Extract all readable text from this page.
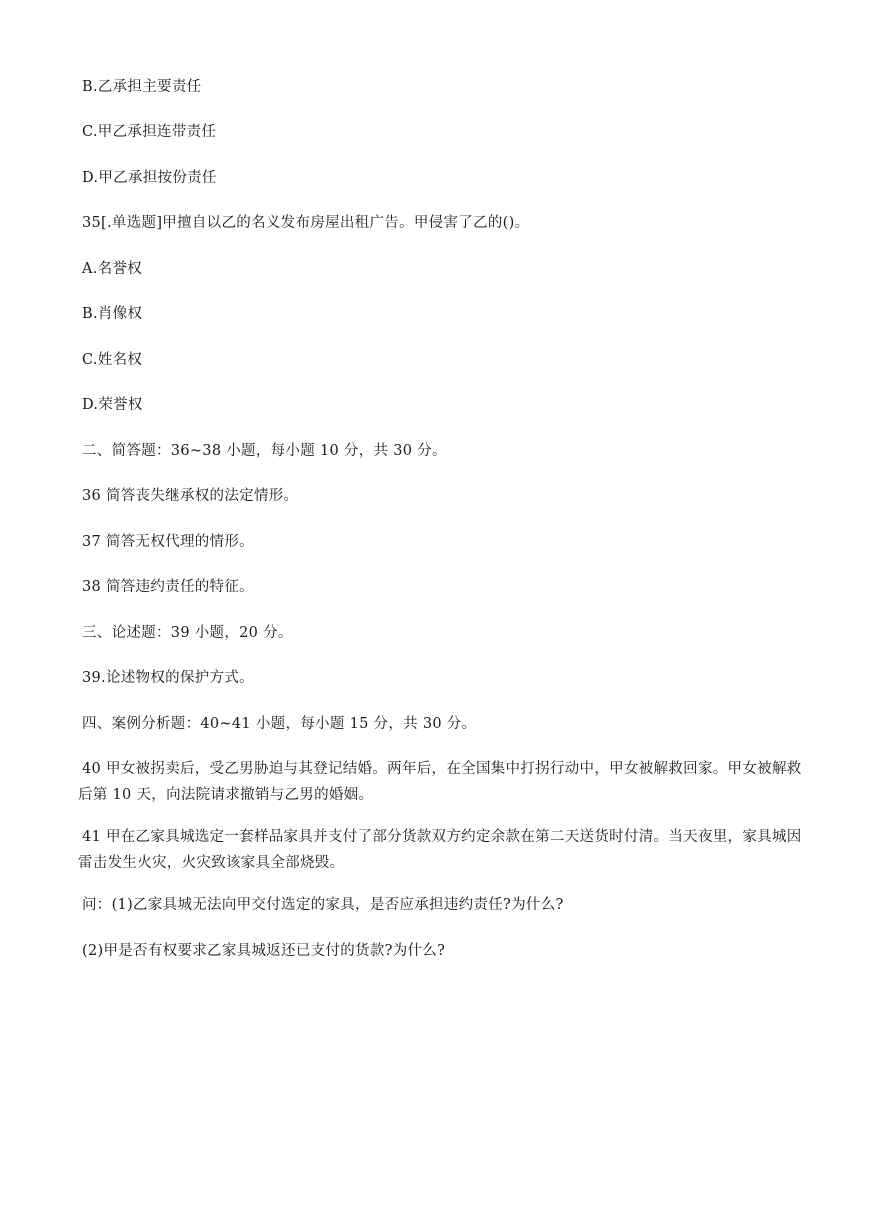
B.乙承担主要责任
C.甲乙承担连带责任
D.甲乙承担按份责任
35[.单选题]甲擅自以乙的名义发布房屋出租广告。甲侵害了乙的()。
A.名誉权
B.肖像权
C.姓名权
D.荣誉权
二、简答题：36~38 小题，每小题 10 分，共 30 分。
36 简答丧失继承权的法定情形。
37 简答无权代理的情形。
38 简答违约责任的特征。
三、论述题：39 小题，20 分。
39.论述物权的保护方式。
四、案例分析题：40~41 小题，每小题 15 分，共 30 分。
40 甲女被拐卖后，受乙男胁迫与其登记结婚。两年后，在全国集中打拐行动中，甲女被解救回家。甲女被解救
后第 10 天，向法院请求撤销与乙男的婚姻。
41 甲在乙家具城选定一套样品家具并支付了部分货款双方约定余款在第二天送货时付清。当天夜里，家具城因
雷击发生火灾，火灾致该家具全部烧毁。
问：(1)乙家具城无法向甲交付选定的家具，是否应承担违约责任?为什么?
(2)甲是否有权要求乙家具城返还已支付的货款?为什么?
